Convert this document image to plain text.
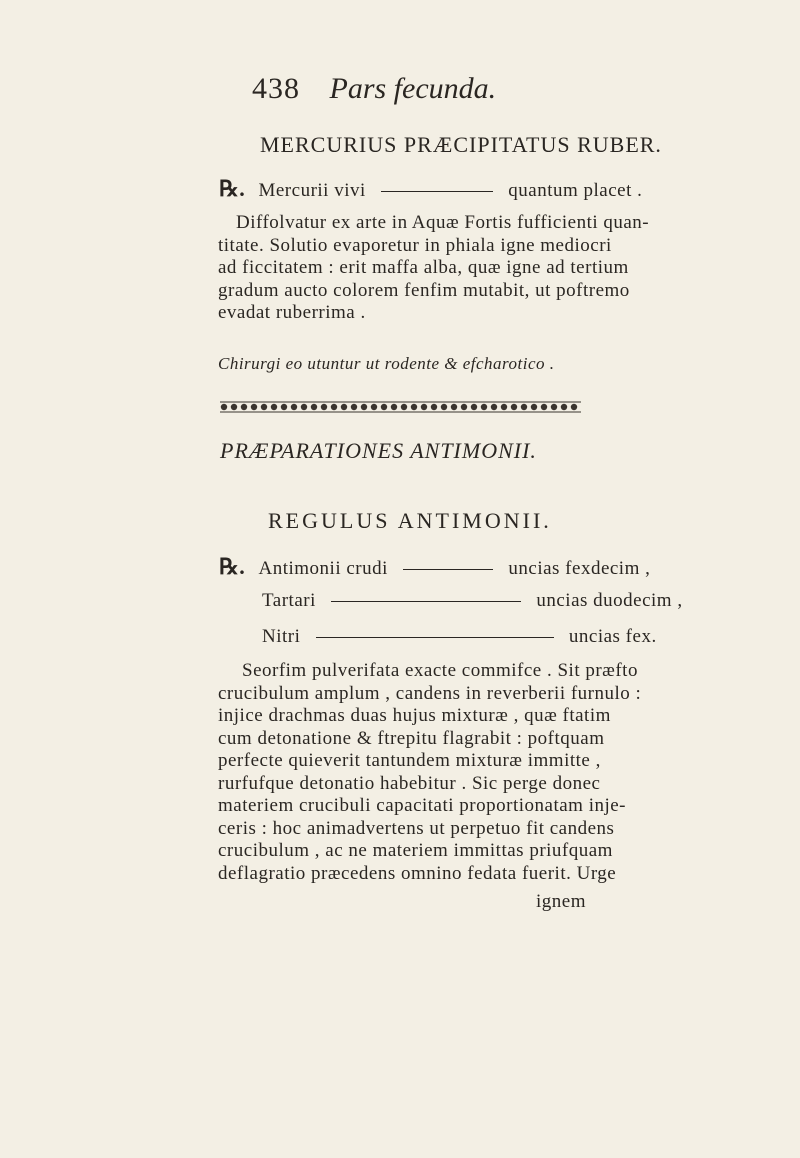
438 Pars fecunda.
MERCURIUS PRÆCIPITATUS RUBER.
℞. Mercurii vivi	quantum placet .
Diffolvatur ex arte in Aquæ Fortis fufficienti quan-
titate. Solutio evaporetur in phiala igne mediocri
ad ficcitatem : erit maffa alba, quæ igne ad tertium
gradum aucto colorem fenfim mutabit, ut poftremo
evadat ruberrima .
Chirurgi eo utuntur ut rodente & efcharotico .
PRÆPARATIONES ANTIMONII.
REGULUS ANTIMONII.
℞. Antimonii crudi	uncias fexdecim ,
Tartari	uncias duodecim ,
Nitri	uncias fex.
Seorfim pulverifata exacte commifce . Sit præfto
crucibulum amplum , candens in reverberii furnulo :
injice drachmas duas hujus mixturæ , quæ ftatim
cum detonatione & ftrepitu flagrabit : poftquam
perfecte quieverit tantundem mixturæ immitte ,
rurfufque detonatio habebitur . Sic perge donec
materiem crucibuli capacitati proportionatam inje-
ceris : hoc animadvertens ut perpetuo fit candens
crucibulum , ac ne materiem immittas priufquam
deflagratio præcedens omnino fedata fuerit. Urge
ignem
